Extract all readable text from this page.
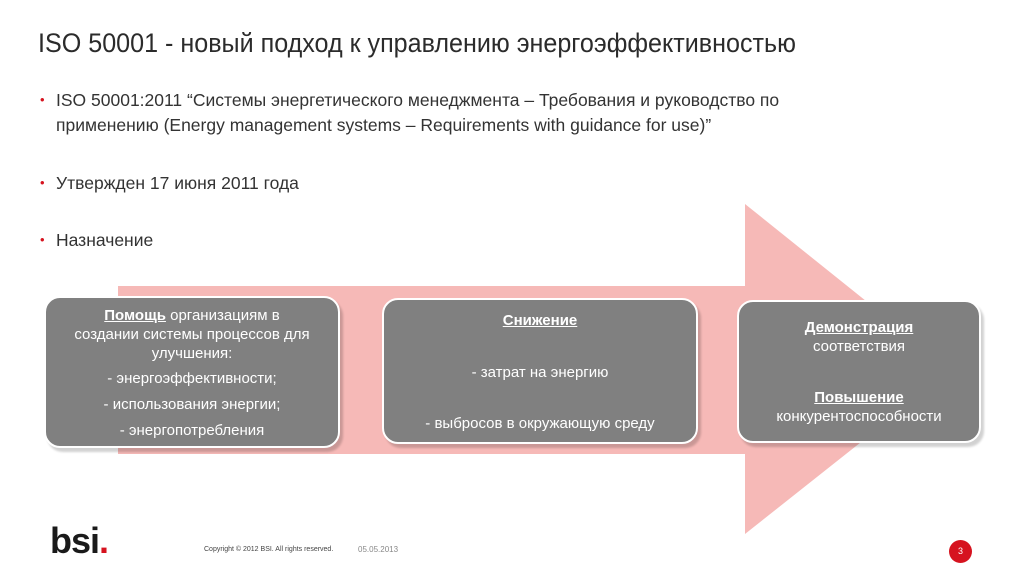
ISO 50001 - новый подход к управлению энергоэффективностью
• ISO 50001:2011 “Системы энергетического менеджмента – Требования и руководство по
применению (Energy management systems – Requirements with guidance for use)”
• Утвержден 17 июня 2011 года
• Назначение
Помощь организациям в
создании системы процессов для
улучшения:
- энергоэффективности;
- использования энергии;
- энергопотребления
Снижение
- затрат на энергию
- выбросов в окружающую среду
Демонстрация
соответствия
Повышение
конкурентоспособности
bsi.	Copyright © 2012 BSI. All rights reserved.	05.05.2013	3
